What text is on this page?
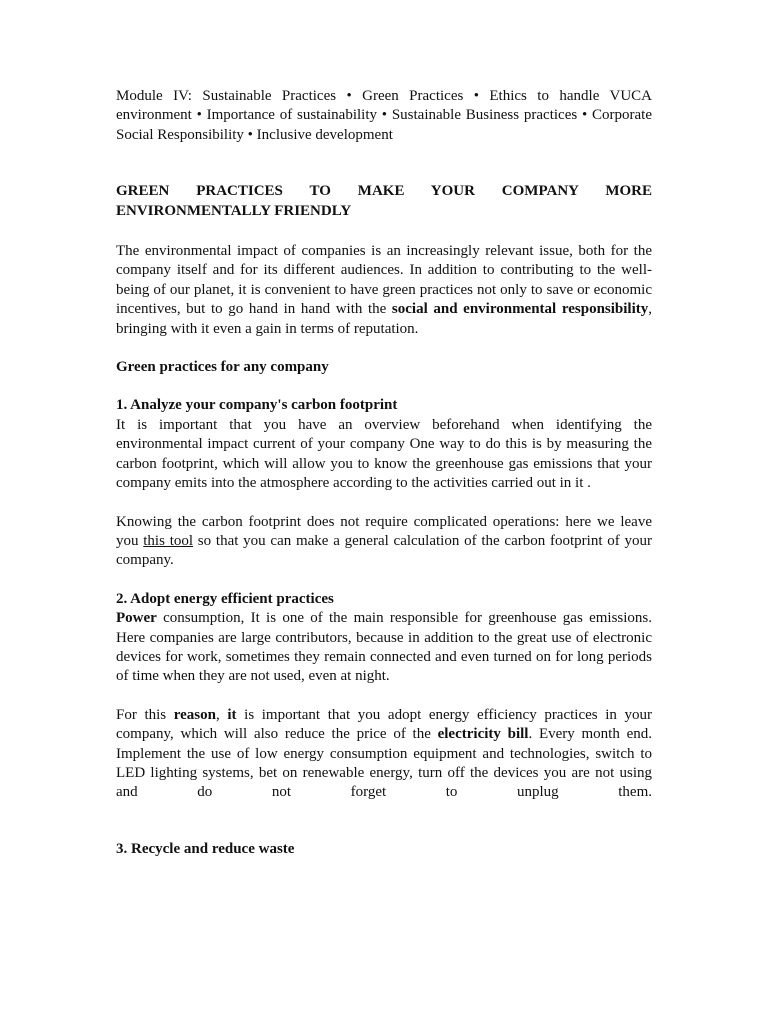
Module IV: Sustainable Practices • Green Practices • Ethics to handle VUCA environment • Importance of sustainability • Sustainable Business practices • Corporate Social Responsibility • Inclusive development

GREEN PRACTICES TO MAKE YOUR COMPANY MORE

ENVIRONMENTALLY FRIENDLY

The environmental impact of companies is an increasingly relevant issue, both for the company itself and for its different audiences. In addition to contributing to the well-being of our planet, it is convenient to have green practices not only to save or economic incentives, but to go hand in hand with the social and environmental responsibility, bringing with it even a gain in terms of reputation.

Green practices for any company

1. Analyze your company's carbon footprint

It is important that you have an overview beforehand when identifying the environmental impact current of your company One way to do this is by measuring the carbon footprint, which will allow you to know the greenhouse gas emissions that your company emits into the atmosphere according to the activities carried out in it .

Knowing the carbon footprint does not require complicated operations: here we leave you this tool so that you can make a general calculation of the carbon footprint of your company.

2. Adopt energy efficient practices

Power consumption, It is one of the main responsible for greenhouse gas emissions. Here companies are large contributors, because in addition to the great use of electronic devices for work, sometimes they remain connected and even turned on for long periods of time when they are not used, even at night.

For this reason, it is important that you adopt energy efficiency practices in your company, which will also reduce the price of the electricity bill. Every month end. Implement the use of low energy consumption equipment and technologies, switch to LED lighting systems, bet on renewable energy, turn off the devices you are not using and do not forget to unplug them.

3. Recycle and reduce waste
